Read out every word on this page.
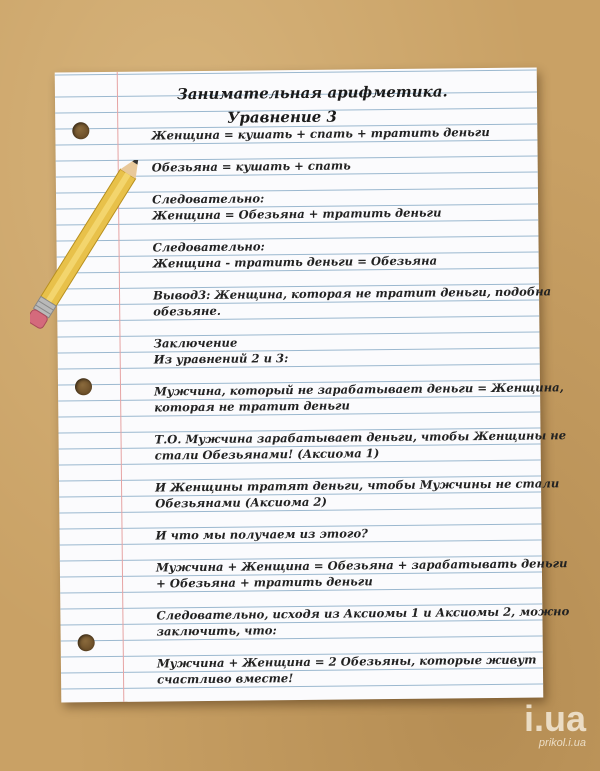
Занимательная арифметика.
Уравнение 3
Женщина = кушать + спать + тратить деньги
Обезьяна = кушать + спать
Следовательно:
Женщина = Обезьяна + тратить деньги
Следовательно:
Женщина - тратить деньги = Обезьяна
Вывод3: Женщина, которая не тратит деньги, подобна
обезьяне.
Заключение
Из уравнений 2 и 3:
Мужчина, который не зарабатывает деньги = Женщина,
которая не тратит деньги
Т.О. Мужчина зарабатывает деньги, чтобы Женщины не
стали Обезьянами! (Аксиома 1)
И Женщины тратят деньги, чтобы Мужчины не стали
Обезьянами (Аксиома 2)
И что мы получаем из этого?
Мужчина + Женщина = Обезьяна + зарабатывать деньги
+ Обезьяна + тратить деньги
Следовательно, исходя из Аксиомы 1 и Аксиомы 2, можно
заключить, что:
Мужчина + Женщина = 2 Обезьяны, которые живут
счастливо вместе!
i.ua
prikol.i.ua
